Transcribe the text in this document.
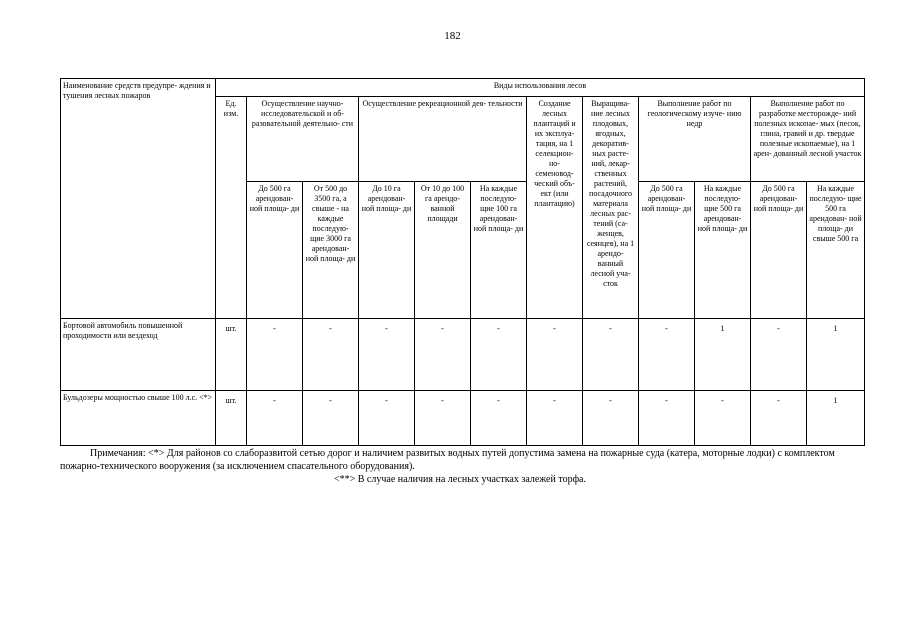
182
Наименование средств предупре- ждения и тушения лесных пожаров	Виды использования лесов											
	Ед. изм.	Осуществление научно- исследовательской и об- разовательной деятельно- сти		Осуществление рекреационной дея- тельности			Создание лесных плантаций и их эксплуа- тация, на 1 селекцион- но- семеновод- ческий объ- ект (или плантацию)	Выращива- ние лесных плодовых, ягодных, декоратив- ных расте- ний, лекар- ственных растений, посадочного материала лесных рас- тений (са- женцев, сеянцев), на 1 арендо- ванный лесной уча- сток	Выполнение работ по геологическому изуче- нию недр		Выполнение работ по разработке месторожде- ний полезных ископае- мых (песок, глина, гравий и др. твердые полезные ископаемые), на 1 арен- дованный лесной участок	
		До 500 га арендован- ной площа- ди	От 500 до 3500 га, а свыше - на каждые последую- щие 3000 га арендован- ной площа- ди	До 10 га арендован- ной площа- ди	От 10 до 100 га арендо- ванной площади	На каждые последую- щие 100 га арендован- ной площа- ди			До 500 га арендован- ной площа- ди	На каждые последую- щие 500 га арендован- ной площа- ди	До 500 га арендован- ной площа- ди	На каждые последую- щие 500 га арендован- ной площа- ди свыше 500 га
Бортовой автомобиль повышенной проходимости или вездеход	шт.	-	-	-	-	-	-	-	-	1	-	1
Бульдозеры мощностью свыше 100 л.с. <*>	шт.	-	-	-	-	-	-	-	-	-	-	1

Примечания: <*> Для районов со слаборазвитой сетью дорог и наличием развитых водных путей допустима замена на пожарные суда (катера, моторные лодки) с комплектом пожарно-технического вооружения (за исключением спасательного оборудования).

<**> В случае наличия на лесных участках залежей торфа.
